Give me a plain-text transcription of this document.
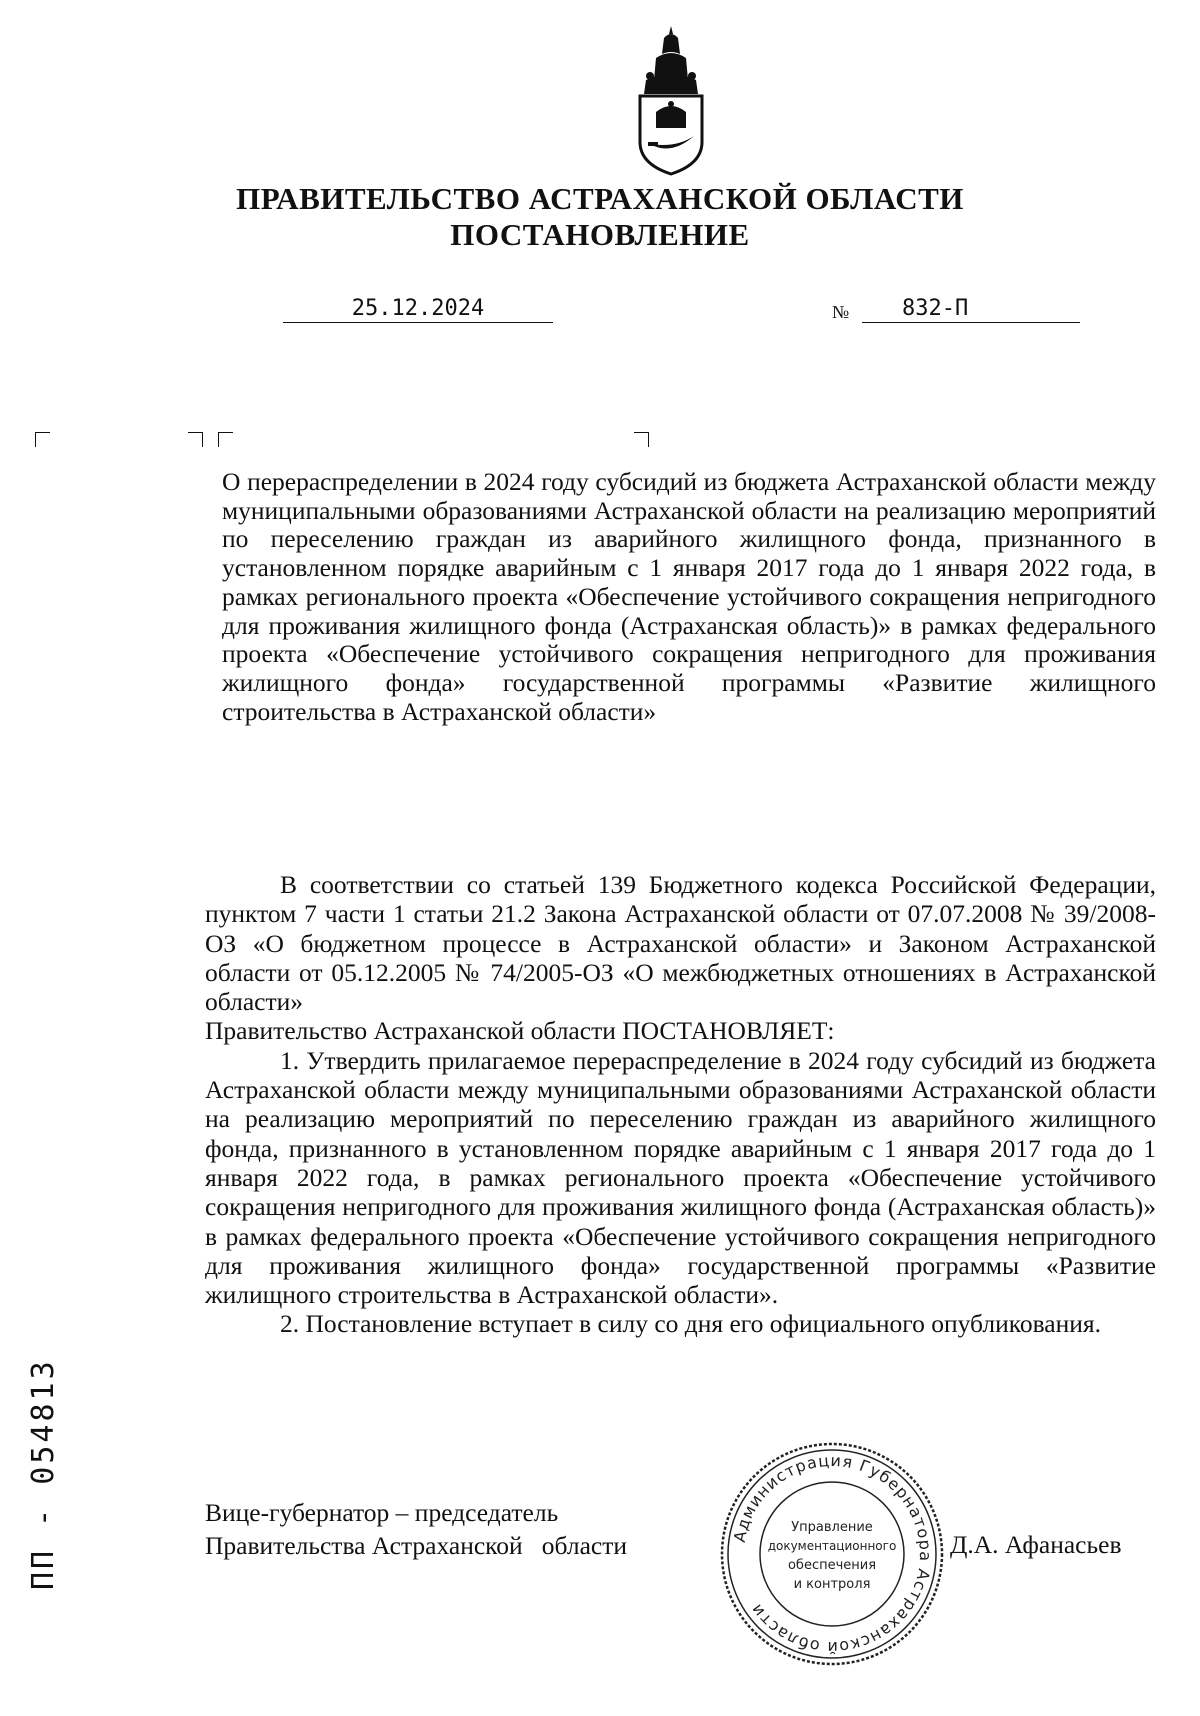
ПРАВИТЕЛЬСТВО АСТРАХАНСКОЙ ОБЛАСТИ
ПОСТАНОВЛЕНИЕ
25.12.2024	№	832-П
О перераспределении в 2024 году субсидий из бюджета Астраханской области между муниципальными образованиями Астраханской области на реализацию мероприятий по переселению граждан из аварийного жилищного фонда, признанного в установленном порядке аварийным с 1 января 2017 года до 1 января 2022 года, в рамках регионального проекта «Обеспечение устойчивого сокращения непригодного для проживания жилищного фонда (Астраханская область)» в рамках федерального проекта «Обеспечение устойчивого сокращения непригодного для проживания жилищного фонда» государственной программы «Развитие жилищного строительства в Астраханской области»

В соответствии со статьей 139 Бюджетного кодекса Российской Федерации, пунктом 7 части 1 статьи 21.2 Закона Астраханской области от 07.07.2008 № 39/2008-ОЗ «О бюджетном процессе в Астраханской области» и Законом Астраханской области от 05.12.2005 № 74/2005-ОЗ «О межбюджетных отношениях в Астраханской области»

Правительство Астраханской области ПОСТАНОВЛЯЕТ:

1. Утвердить прилагаемое перераспределение в 2024 году субсидий из бюджета Астраханской области между муниципальными образованиями Астраханской области на реализацию мероприятий по переселению граждан из аварийного жилищного фонда, признанного в установленном порядке аварийным с 1 января 2017 года до 1 января 2022 года, в рамках регионального проекта «Обеспечение устойчивого сокращения непригодного для проживания жилищного фонда (Астраханская область)» в рамках федерального проекта «Обеспечение устойчивого сокращения непригодного для проживания жилищного фонда» государственной программы «Развитие жилищного строительства в Астраханской области».

2. Постановление вступает в силу со дня его официального опубликования.

Вице-губернатор – председатель
Правительства Астраханской   области	Д.А. Афанасьев
Администрация Губернатора Астраханской области
Управление
документационного
обеспечения
и контроля
ПП - 054813
